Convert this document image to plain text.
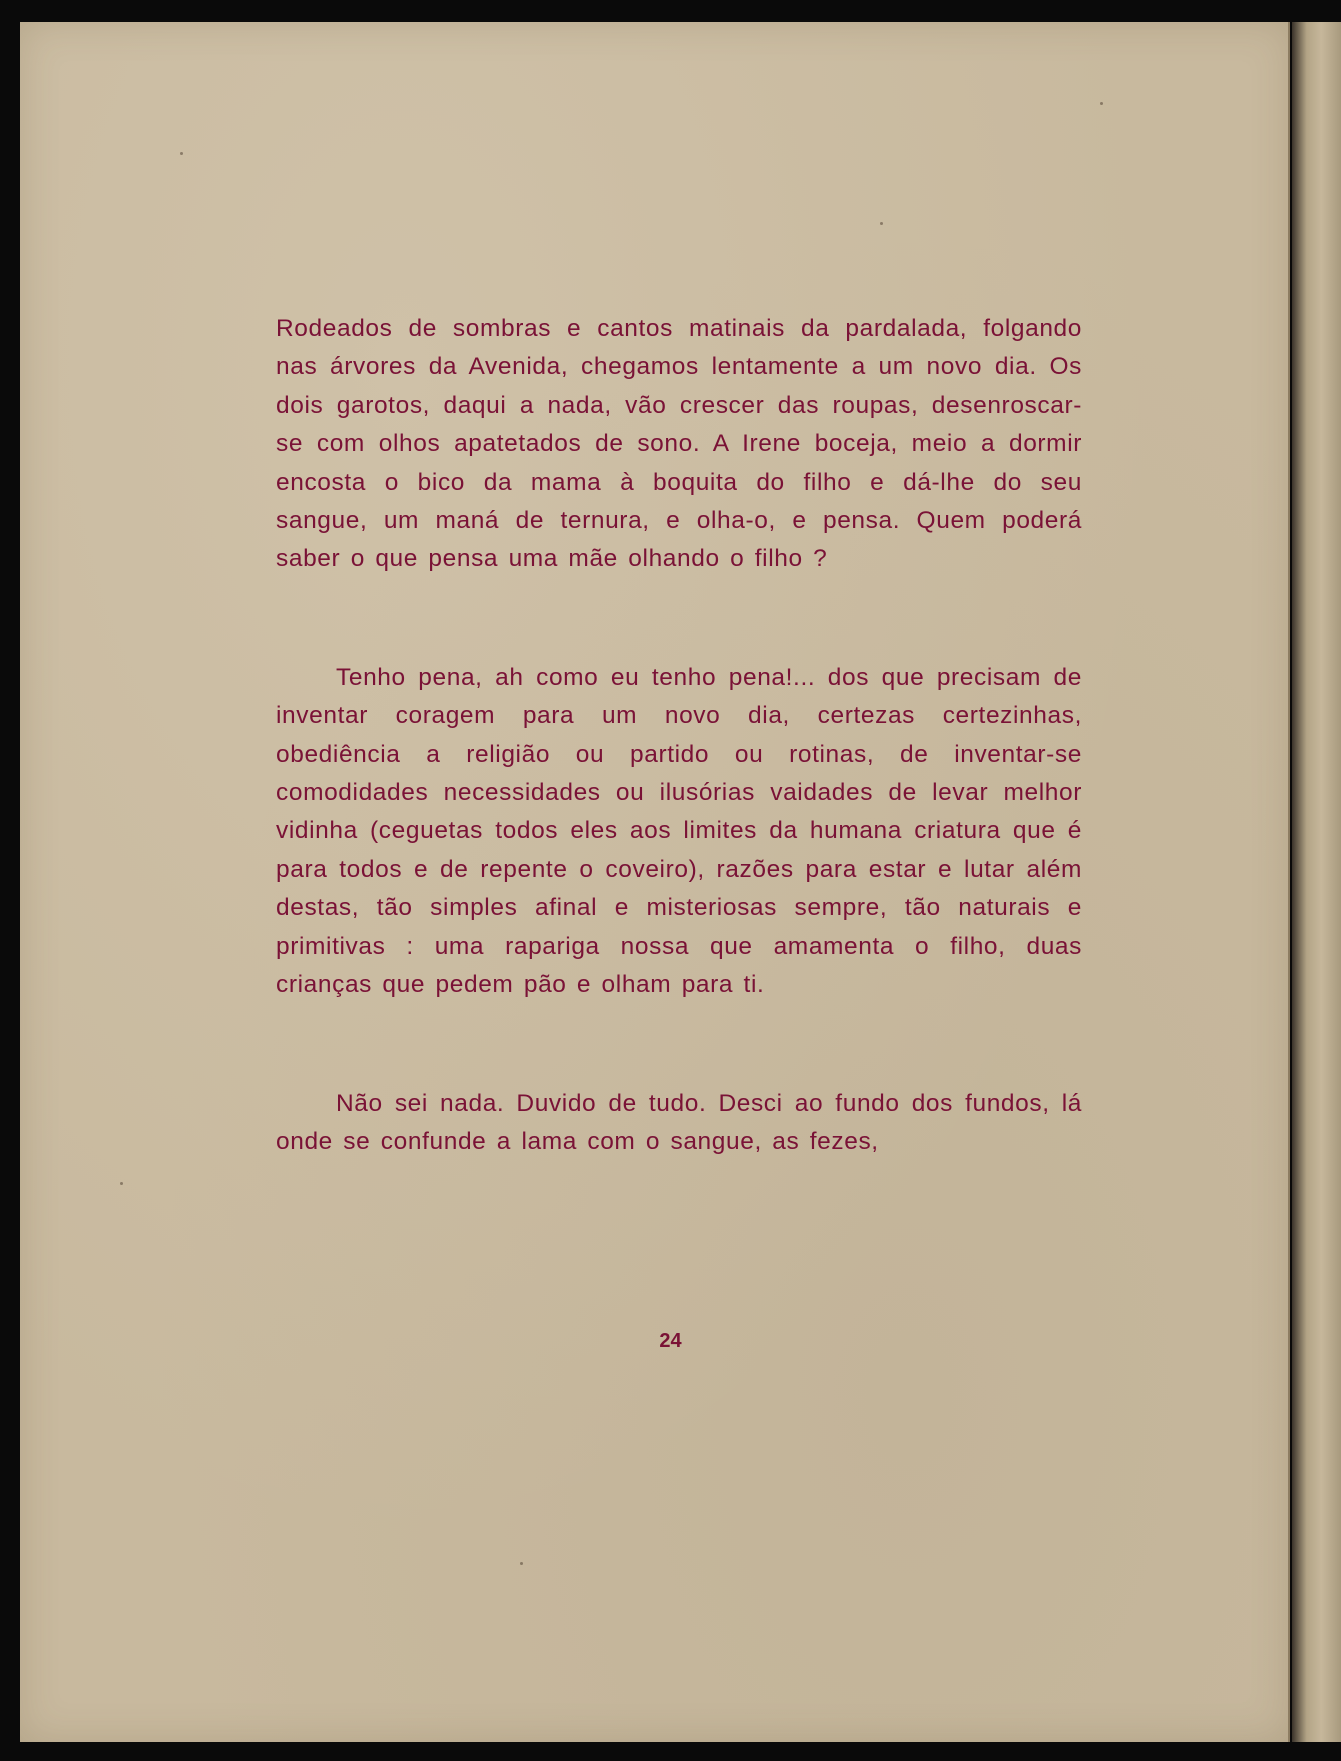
Rodeados de sombras e cantos matinais da pardalada, folgando nas árvores da Avenida, chegamos lentamente a um novo dia. Os dois garotos, daqui a nada, vão crescer das roupas, desenroscar-se com olhos apatetados de sono. A Irene boceja, meio a dormir encosta o bico da mama à boquita do filho e dá-lhe do seu sangue, um maná de ternura, e olha-o, e pensa. Quem poderá saber o que pensa uma mãe olhando o filho ?

Tenho pena, ah como eu tenho pena!... dos que precisam de inventar coragem para um novo dia, certezas certezinhas, obediência a religião ou partido ou rotinas, de inventar-se comodidades necessidades ou ilusórias vaidades de levar melhor vidinha (ceguetas todos eles aos limites da humana criatura que é para todos e de repente o coveiro), razões para estar e lutar além destas, tão simples afinal e misteriosas sempre, tão naturais e primitivas : uma rapariga nossa que amamenta o filho, duas crianças que pedem pão e olham para ti.

Não sei nada. Duvido de tudo. Desci ao fundo dos fundos, lá onde se confunde a lama com o sangue, as fezes,

24
